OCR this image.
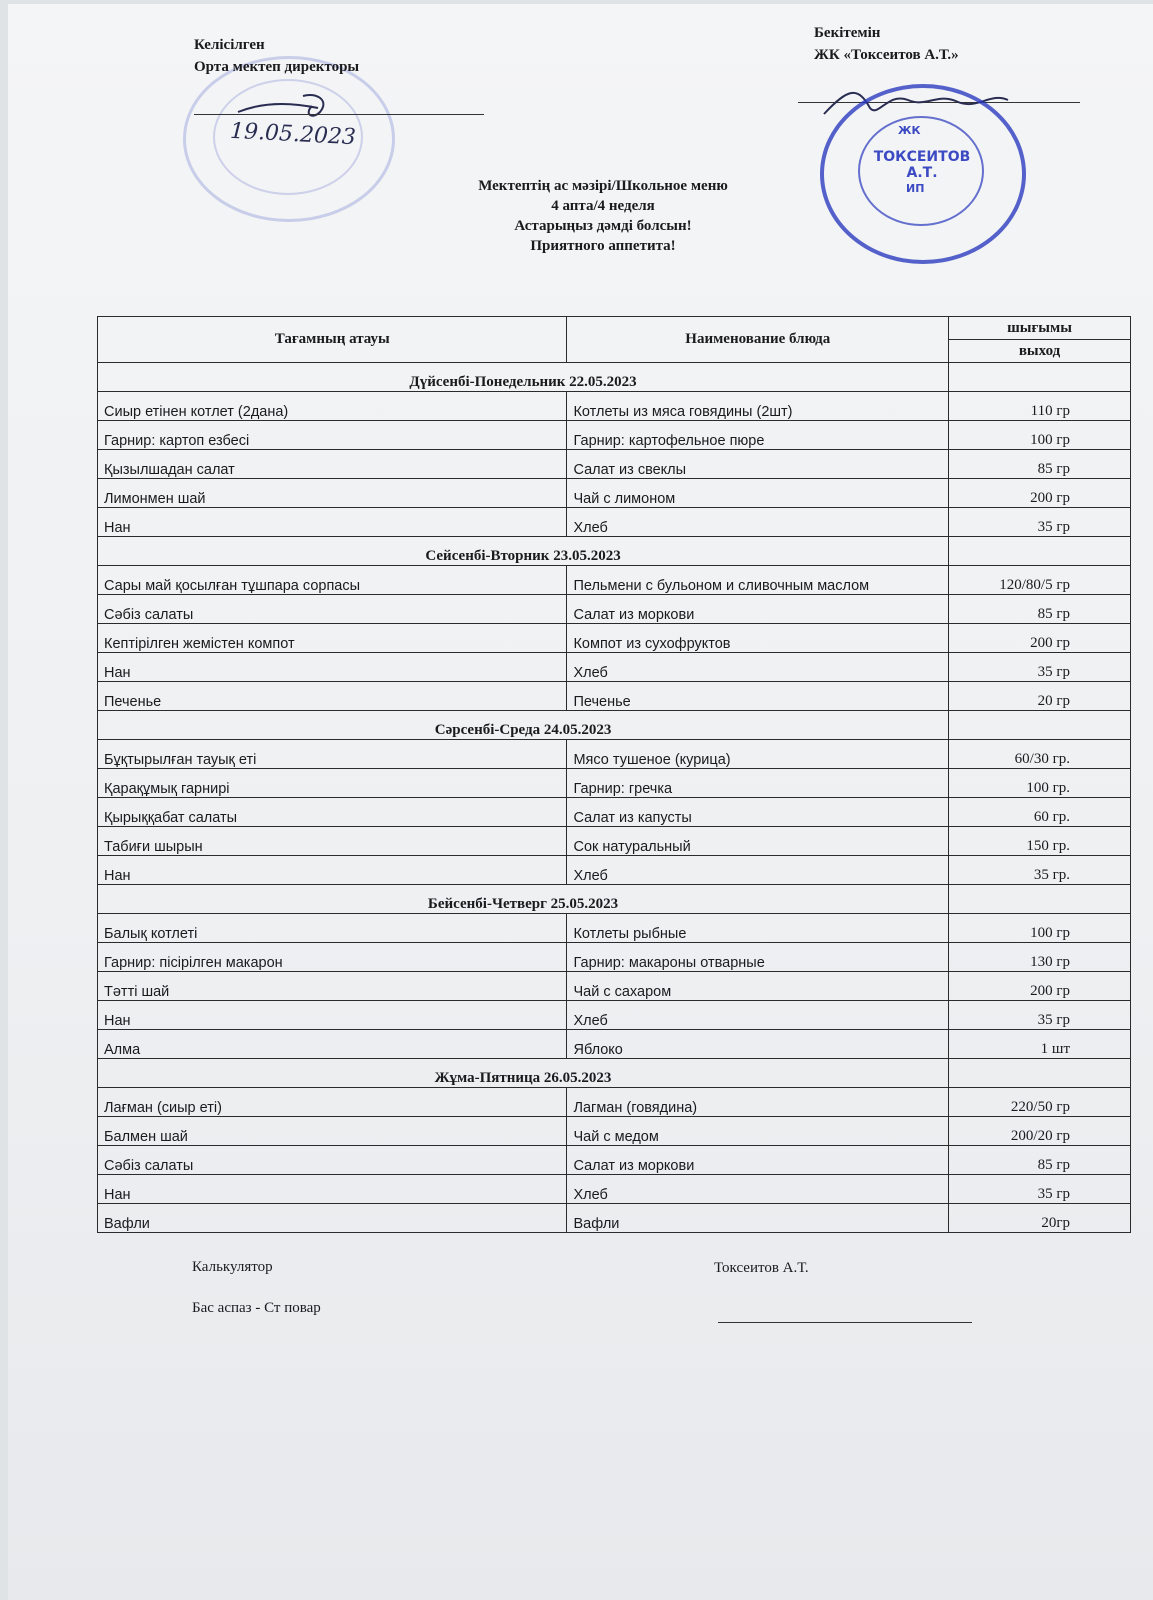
Келісілген
Орта мектеп директоры
19.05.2023
Бекітемін
ЖК «Токсеитов А.Т.»
ЖК
ТОКСЕИТОВ А.Т.
ИП
Мектептің ас мәзірі/Школьное меню
4 апта/4 неделя
Астарыңыз дәмді болсын!
Приятного аппетита!
Тағамның атауы	Наименование блюда	шығымы
		выход
Дүйсенбі-Понедельник 22.05.2023		
Сиыр етінен котлет (2дана)	Котлеты из мяса говядины (2шт)	110 гр
Гарнир: картоп езбесі	Гарнир: картофельное пюре	100 гр
Қызылшадан салат	Салат из свеклы	85 гр
Лимонмен шай	Чай с лимоном	200 гр
Нан	Хлеб	35 гр
Сейсенбі-Вторник 23.05.2023		
Сары май қосылған тұшпара сорпасы	Пельмени с бульоном и сливочным маслом	120/80/5 гр
Сәбіз салаты	Салат из моркови	85 гр
Кептірілген жемістен компот	Компот из сухофруктов	200 гр
Нан	Хлеб	35 гр
Печенье	Печенье	20 гр
Сәрсенбі-Среда 24.05.2023		
Бұқтырылған тауық еті	Мясо тушеное (курица)	60/30 гр.
Қарақұмық гарнирі	Гарнир: гречка	100 гр.
Қырыққабат салаты	Салат из капусты	60 гр.
Табиғи шырын	Сок натуральный	150 гр.
Нан	Хлеб	35 гр.
Бейсенбі-Четверг 25.05.2023		
Балық котлеті	Котлеты рыбные	100 гр
Гарнир: пісірілген макарон	Гарнир: макароны отварные	130 гр
Тәтті шай	Чай с сахаром	200 гр
Нан	Хлеб	35 гр
Алма	Яблоко	1 шт
Жұма-Пятница 26.05.2023		
Лағман (сиыр еті)	Лагман (говядина)	220/50 гр
Балмен шай	Чай с медом	200/20 гр
Сәбіз салаты	Салат из моркови	85 гр
Нан	Хлеб	35 гр
Вафли	Вафли	20гр
Калькулятор
Бас аспаз - Ст повар
Токсеитов А.Т.
